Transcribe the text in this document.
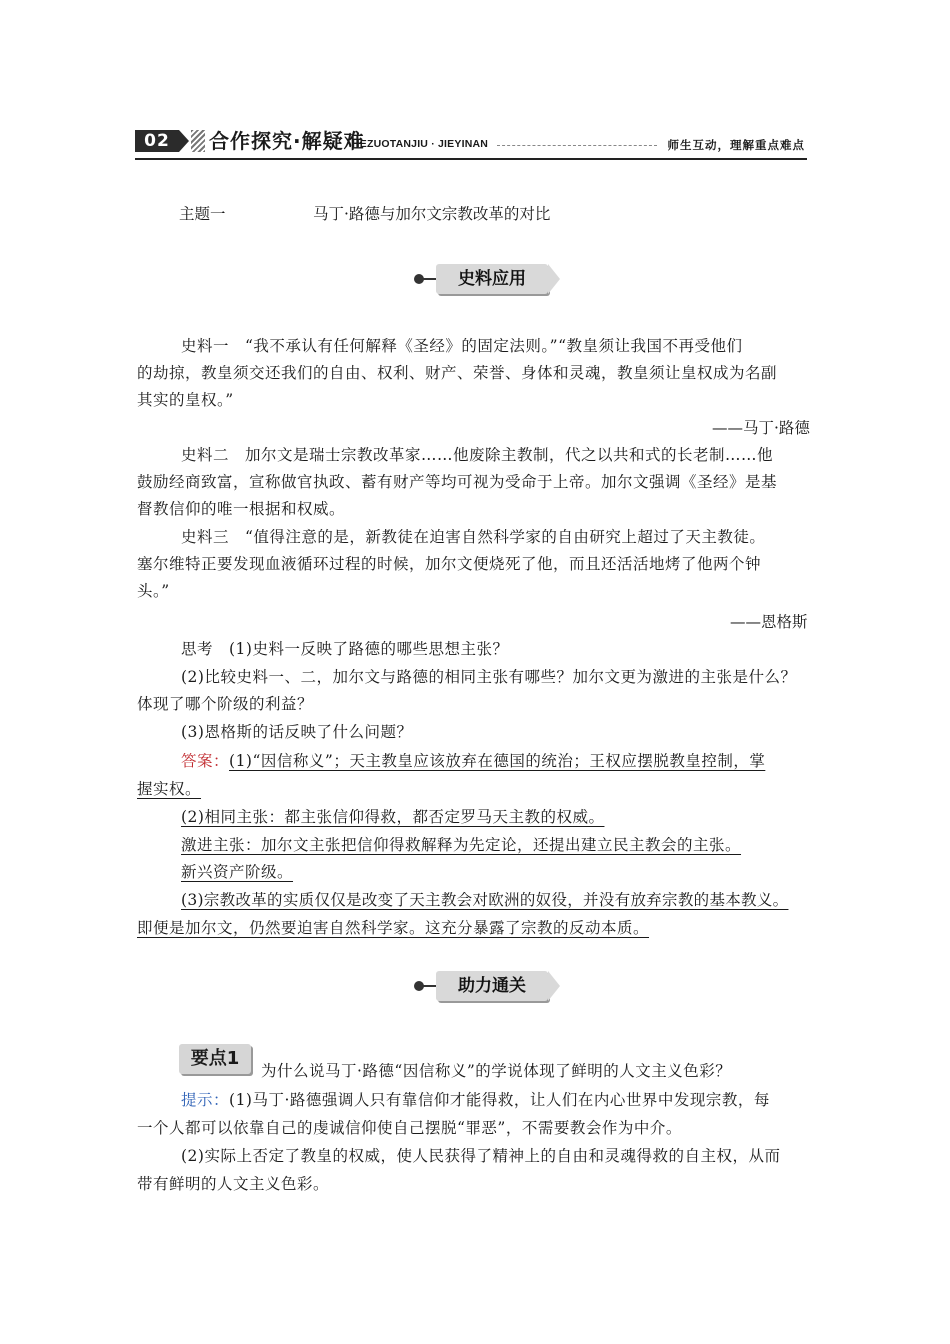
02	合作探究·解疑难
HEZUOTANJIU · JIEYINAN	师生互动，理解重点难点
主题一	马丁·路德与加尔文宗教改革的对比
史料应用
史料一　“我不承认有任何解释《圣经》的固定法则。”“教皇须让我国不再受他们
的劫掠，教皇须交还我们的自由、权利、财产、荣誉、身体和灵魂，教皇须让皇权成为名副
其实的皇权。”
——马丁·路德
史料二　加尔文是瑞士宗教改革家……他废除主教制，代之以共和式的长老制……他
鼓励经商致富，宣称做官执政、蓄有财产等均可视为受命于上帝。加尔文强调《圣经》是基
督教信仰的唯一根据和权威。
史料三　“值得注意的是，新教徒在迫害自然科学家的自由研究上超过了天主教徒。
塞尔维特正要发现血液循环过程的时候，加尔文便烧死了他，而且还活活地烤了他两个钟
头。”
——恩格斯
思考　(1)史料一反映了路德的哪些思想主张？
(2)比较史料一、二，加尔文与路德的相同主张有哪些？加尔文更为激进的主张是什么？
体现了哪个阶级的利益？
(3)恩格斯的话反映了什么问题？
答案：(1)“因信称义”；天主教皇应该放弃在德国的统治；王权应摆脱教皇控制，掌
握实权。
(2)相同主张：都主张信仰得救，都否定罗马天主教的权威。
激进主张：加尔文主张把信仰得救解释为先定论，还提出建立民主教会的主张。
新兴资产阶级。
(3)宗教改革的实质仅仅是改变了天主教会对欧洲的奴役，并没有放弃宗教的基本教义。
即便是加尔文，仍然要迫害自然科学家。这充分暴露了宗教的反动本质。
助力通关
要点1
为什么说马丁·路德“因信称义”的学说体现了鲜明的人文主义色彩？
提示：(1)马丁·路德强调人只有靠信仰才能得救，让人们在内心世界中发现宗教，每
一个人都可以依靠自己的虔诚信仰使自己摆脱“罪恶”，不需要教会作为中介。
(2)实际上否定了教皇的权威，使人民获得了精神上的自由和灵魂得救的自主权，从而
带有鲜明的人文主义色彩。
